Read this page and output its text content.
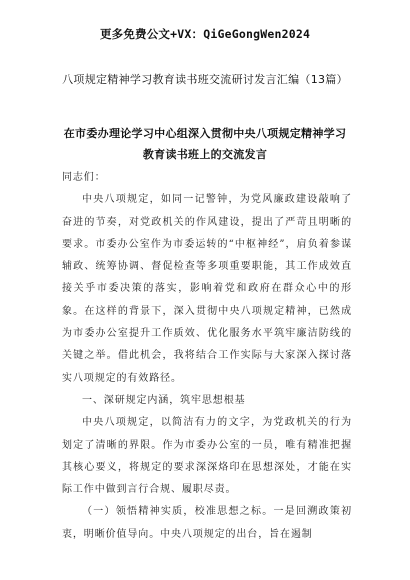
更多免费公文+VX：QiGeGongWen2024
八项规定精神学习教育读书班交流研讨发言汇编（13篇）
在市委办理论学习中心组深入贯彻中央八项规定精神学习
教育读书班上的交流发言

同志们：

中央八项规定，如同一记警钟，为党风廉政建设敲响了奋进的节奏，对党政机关的作风建设，提出了严苛且明晰的要求。市委办公室作为市委运转的“中枢神经”，肩负着参谋辅政、统筹协调、督促检查等多项重要职能，其工作成效直接关乎市委决策的落实，影响着党和政府在群众心中的形象。在这样的背景下，深入贯彻中央八项规定精神，已然成为市委办公室提升工作质效、优化服务水平筑牢廉洁防线的关键之举。借此机会，我将结合工作实际与大家深入探讨落实八项规定的有效路径。

一、深研规定内涵，筑牢思想根基

中央八项规定，以简洁有力的文字，为党政机关的行为划定了清晰的界限。作为市委办公室的一员，唯有精准把握其核心要义，将规定的要求深深烙印在思想深处，才能在实际工作中做到言行合规、履职尽责。

（一）领悟精神实质，校准思想之标。一是回溯政策初衷，明晰价值导向。中央八项规定的出台，旨在遏制
